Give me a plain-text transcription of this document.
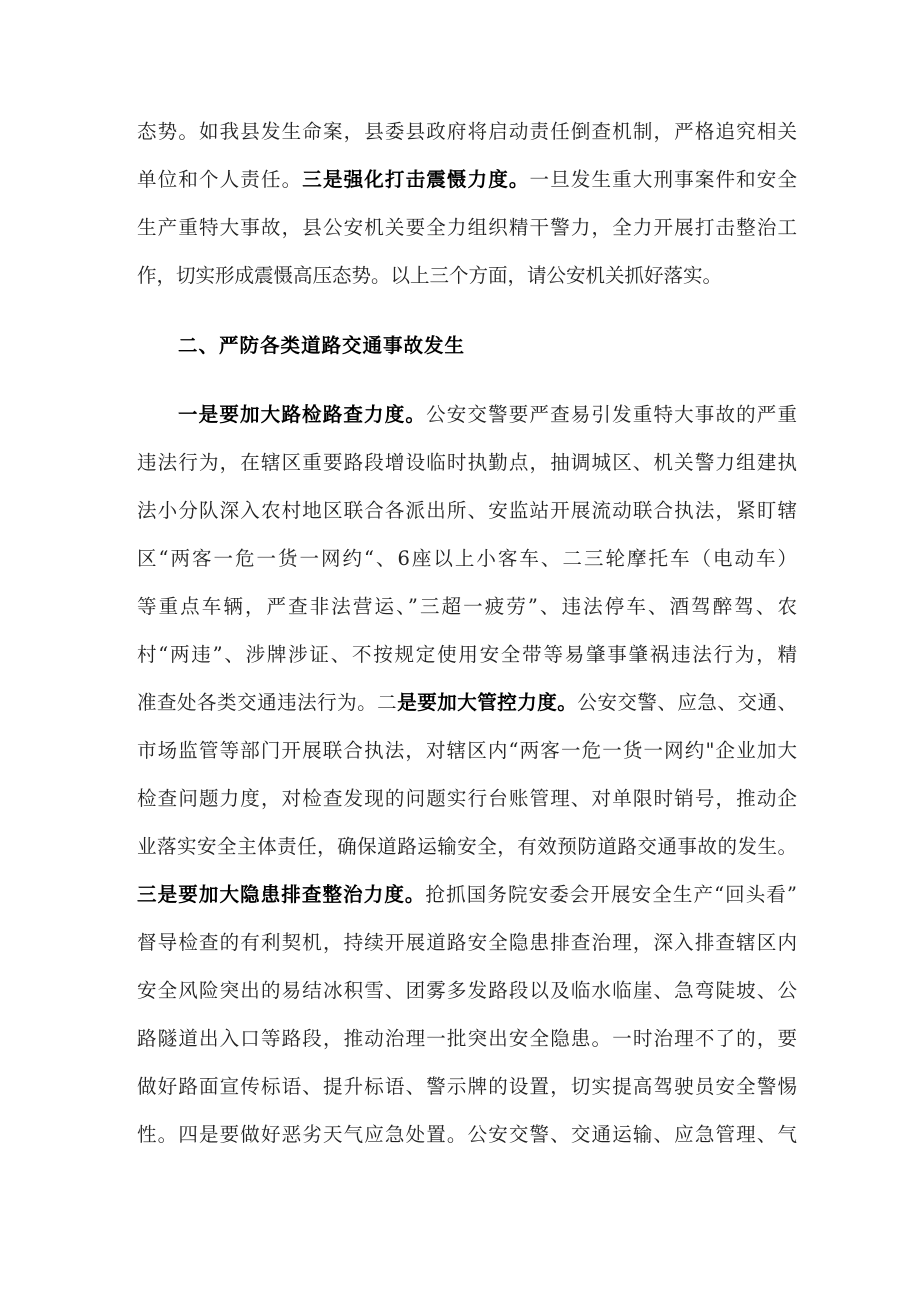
态势。如我县发生命案，县委县政府将启动责任倒查机制，严格追究相关
单位和个人责任。三是强化打击震慑力度。一旦发生重大刑事案件和安全
生产重特大事故，县公安机关要全力组织精干警力，全力开展打击整治工
作，切实形成震慑高压态势。以上三个方面，请公安机关抓好落实。
二、严防各类道路交通事故发生
一是要加大路检路查力度。公安交警要严查易引发重特大事故的严重
违法行为，在辖区重要路段增设临时执勤点，抽调城区、机关警力组建执
法小分队深入农村地区联合各派出所、安监站开展流动联合执法，紧盯辖
区“两客一危一货一网约“、6座以上小客车、二三轮摩托车（电动车）
等重点车辆，严查非法营运、”三超一疲劳”、违法停车、酒驾醉驾、农
村“两违”、涉牌涉证、不按规定使用安全带等易肇事肇祸违法行为，精
准查处各类交通违法行为。二是要加大管控力度。公安交警、应急、交通、
市场监管等部门开展联合执法，对辖区内“两客一危一货一网约"企业加大
检查问题力度，对检查发现的问题实行台账管理、对单限时销号，推动企
业落实安全主体责任，确保道路运输安全，有效预防道路交通事故的发生。
三是要加大隐患排查整治力度。抢抓国务院安委会开展安全生产“回头看”
督导检查的有利契机，持续开展道路安全隐患排查治理，深入排查辖区内
安全风险突出的易结冰积雪、团雾多发路段以及临水临崖、急弯陡坡、公
路隧道出入口等路段，推动治理一批突出安全隐患。一时治理不了的，要
做好路面宣传标语、提升标语、警示牌的设置，切实提高驾驶员安全警惕
性。四是要做好恶劣天气应急处置。公安交警、交通运输、应急管理、气
